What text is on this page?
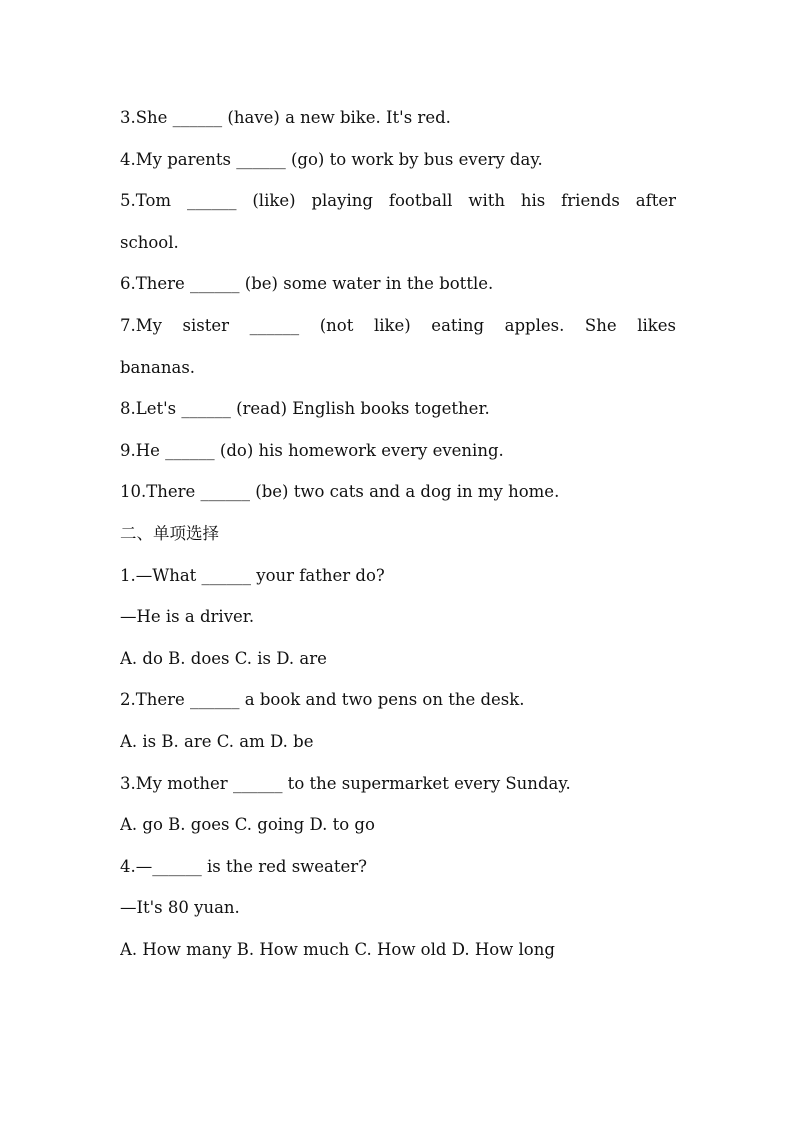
3.She ______ (have) a new bike. It's red.
4.My parents ______ (go) to work by bus every day.
5.Tom ______ (like) playing football with his friends after
school.
6.There ______ (be) some water in the bottle.
7.My sister ______ (not like) eating apples. She likes
bananas.
8.Let's ______ (read) English books together.
9.He ______ (do) his homework every evening.
10.There ______ (be) two cats and a dog in my home.
二、单项选择
1.—What ______ your father do?
—He is a driver.
A. do B. does C. is D. are
2.There ______ a book and two pens on the desk.
A. is B. are C. am D. be
3.My mother ______ to the supermarket every Sunday.
A. go B. goes C. going D. to go
4.—______ is the red sweater?
—It's 80 yuan.
A. How many B. How much C. How old D. How long
